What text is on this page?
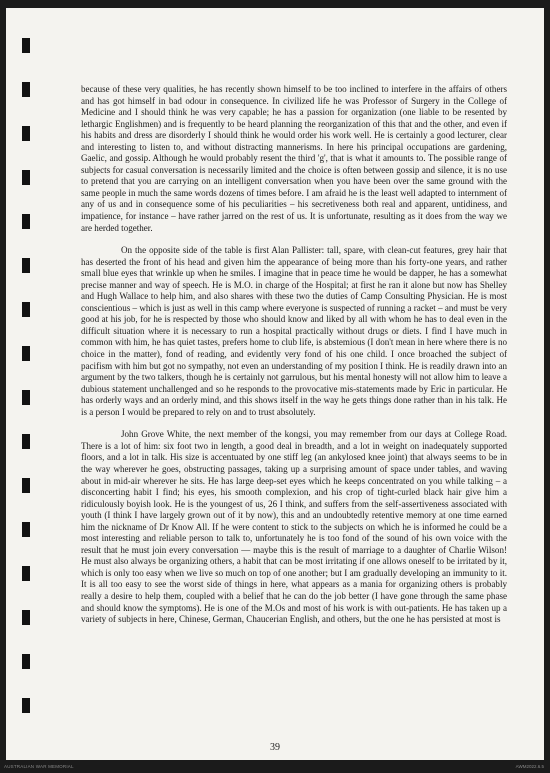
because of these very qualities, he has recently shown himself to be too inclined to interfere in the affairs of others and has got himself in bad odour in consequence. In civilized life he was Professor of Surgery in the College of Medicine and I should think he was very capable; he has a passion for organization (one liable to be resented by lethargic Englishmen) and is frequently to be heard planning the reorganization of this that and the other, and even if his habits and dress are disorderly I should think he would order his work well. He is certainly a good lecturer, clear and interesting to listen to, and without distracting mannerisms. In here his principal occupations are gardening, Gaelic, and gossip. Although he would probably resent the third 'g', that is what it amounts to. The possible range of subjects for casual conversation is necessarily limited and the choice is often between gossip and silence, it is no use to pretend that you are carrying on an intelligent conversation when you have been over the same ground with the same people in much the same words dozens of times before. I am afraid he is the least well adapted to internment of any of us and in consequence some of his peculiarities – his secretiveness both real and apparent, untidiness, and impatience, for instance – have rather jarred on the rest of us. It is unfortunate, resulting as it does from the way we are herded together.

On the opposite side of the table is first Alan Pallister: tall, spare, with clean-cut features, grey hair that has deserted the front of his head and given him the appearance of being more than his forty-one years, and rather small blue eyes that wrinkle up when he smiles. I imagine that in peace time he would be dapper, he has a somewhat precise manner and way of speech. He is M.O. in charge of the Hospital; at first he ran it alone but now has Shelley and Hugh Wallace to help him, and also shares with these two the duties of Camp Consulting Physician. He is most conscientious – which is just as well in this camp where everyone is suspected of running a racket – and must be very good at his job, for he is respected by those who should know and liked by all with whom he has to deal even in the difficult situation where it is necessary to run a hospital practically without drugs or diets. I find I have much in common with him, he has quiet tastes, prefers home to club life, is abstemious (I don't mean in here where there is no choice in the matter), fond of reading, and evidently very fond of his one child. I once broached the subject of pacifism with him but got no sympathy, not even an understanding of my position I think. He is readily drawn into an argument by the two talkers, though he is certainly not garrulous, but his mental honesty will not allow him to leave a dubious statement unchallenged and so he responds to the provocative mis-statements made by Eric in particular. He has orderly ways and an orderly mind, and this shows itself in the way he gets things done rather than in his talk. He is a person I would be prepared to rely on and to trust absolutely.

John Grove White, the next member of the kongsi, you may remember from our days at College Road. There is a lot of him: six foot two in length, a good deal in breadth, and a lot in weight on inadequately supported floors, and a lot in talk. His size is accentuated by one stiff leg (an ankylosed knee joint) that always seems to be in the way wherever he goes, obstructing passages, taking up a surprising amount of space under tables, and waving about in mid-air wherever he sits. He has large deep-set eyes which he keeps concentrated on you while talking – a disconcerting habit I find; his eyes, his smooth complexion, and his crop of tight-curled black hair give him a ridiculously boyish look. He is the youngest of us, 26 I think, and suffers from the self-assertiveness associated with youth (I think I have largely grown out of it by now), this and an undoubtedly retentive memory at one time earned him the nickname of Dr Know All. If he were content to stick to the subjects on which he is informed he could be a most interesting and reliable person to talk to, unfortunately he is too fond of the sound of his own voice with the result that he must join every conversation — maybe this is the result of marriage to a daughter of Charlie Wilson! He must also always be organizing others, a habit that can be most irritating if one allows oneself to be irritated by it, which is only too easy when we live so much on top of one another; but I am gradually developing an immunity to it. It is all too easy to see the worst side of things in here, what appears as a mania for organizing others is probably really a desire to help them, coupled with a belief that he can do the job better (I have gone through the same phase and should know the symptoms). He is one of the M.Os and most of his work is with out-patients. He has taken up a variety of subjects in here, Chinese, German, Chaucerian English, and others, but the one he has persisted at most is

39
AUSTRALIAN WAR MEMORIAL	AWM2022.6.5
